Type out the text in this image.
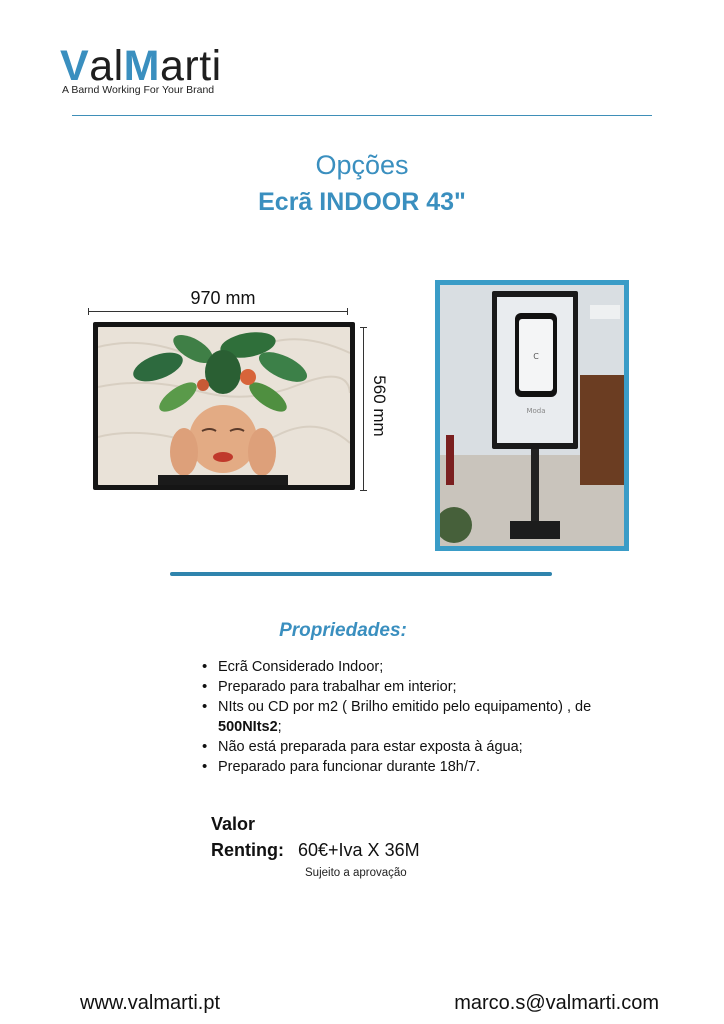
ValMarti
A Barnd Working For Your Brand
Opções
Ecrã INDOOR 43"
970 mm
560 mm
C
Moda
Propriedades:
• Ecrã Considerado Indoor;
• Preparado para trabalhar em interior;
• NIts ou CD por m2 ( Brilho emitido pelo equipamento) , de 500NIts2;
• Não está preparada para estar exposta à água;
• Preparado para funcionar durante 18h/7.
Valor
Renting: 60€+Iva X 36M
Sujeito a aprovação
www.valmarti.pt	marco.s@valmarti.com
